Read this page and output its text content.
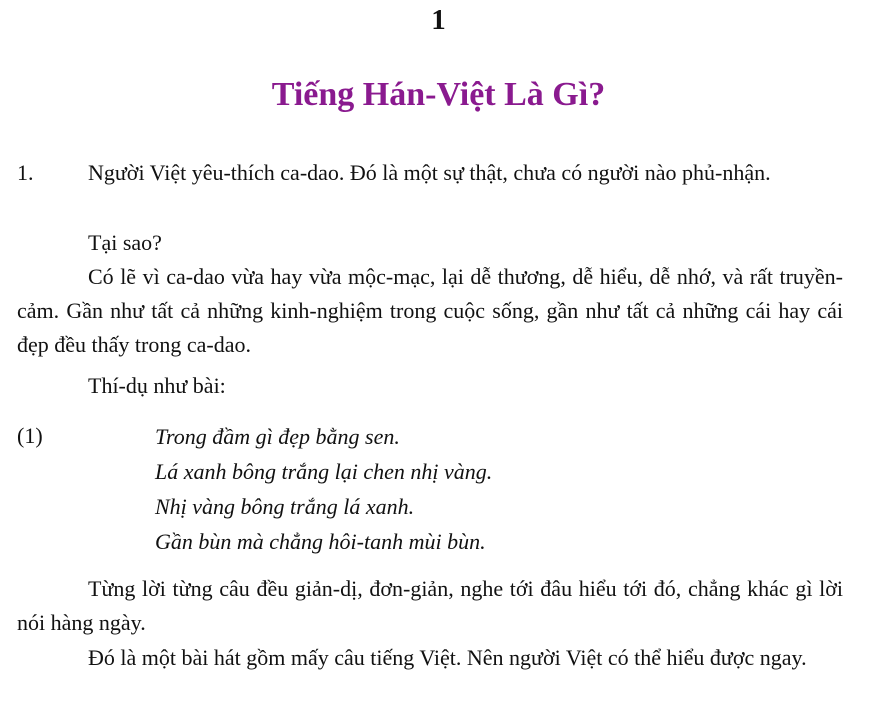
1
Tiếng Hán-Việt Là Gì?

1. Người Việt yêu-thích ca-dao. Đó là một sự thật, chưa có người nào phủ-nhận.

Tại sao?

Có lẽ vì ca-dao vừa hay vừa mộc-mạc, lại dễ thương, dễ hiểu, dễ nhớ, và rất truyền-cảm. Gần như tất cả những kinh-nghiệm trong cuộc sống, gần như tất cả những cái hay cái đẹp đều thấy trong ca-dao.

Thí-dụ như bài:

(1)	Trong đầm gì đẹp bằng sen.
Lá xanh bông trắng lại chen nhị vàng.
Nhị vàng bông trắng lá xanh.
Gần bùn mà chẳng hôi-tanh mùi bùn.

Từng lời từng câu đều giản-dị, đơn-giản, nghe tới đâu hiểu tới đó, chẳng khác gì lời nói hàng ngày.

Đó là một bài hát gồm mấy câu tiếng Việt. Nên người Việt có thể hiểu được ngay.
